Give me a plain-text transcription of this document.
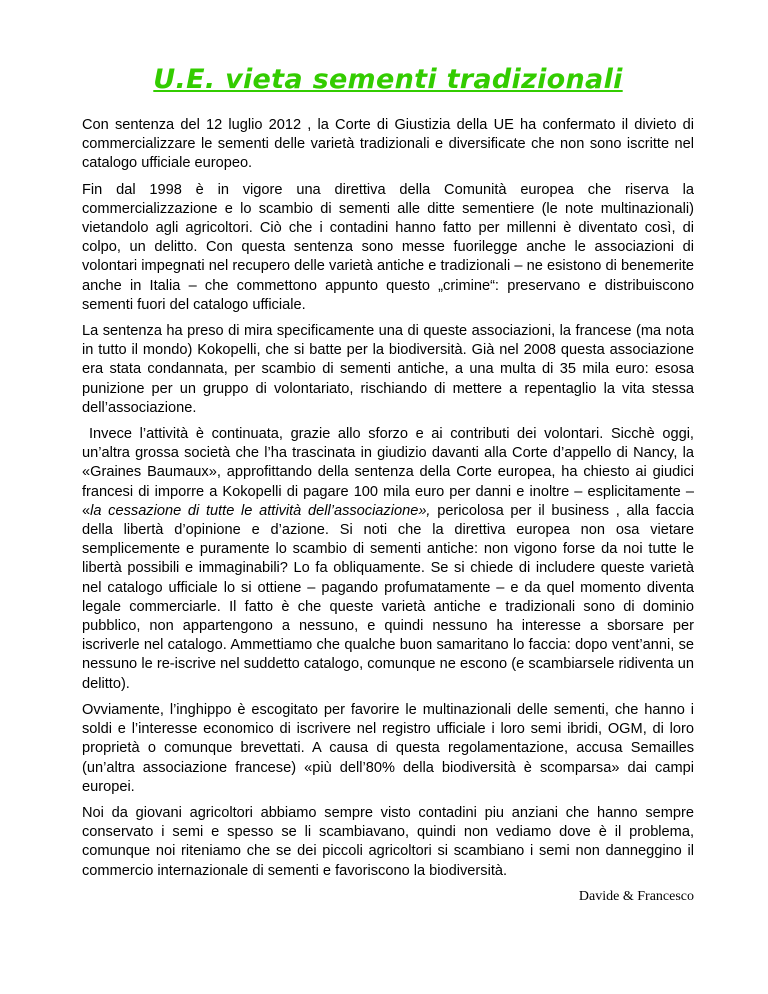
U.E. vieta sementi tradizionali

Con sentenza del 12 luglio 2012 , la Corte di Giustizia della UE ha confermato il divieto di commercializzare le sementi delle varietà tradizionali e diversificate che non sono iscritte nel catalogo ufficiale europeo.

Fin dal 1998 è in vigore una direttiva della Comunità europea che riserva la commercializzazione e lo scambio di sementi alle ditte sementiere (le note multinazionali) vietandolo agli agricoltori. Ciò che i contadini hanno fatto per millenni è diventato così, di colpo, un delitto. Con questa sentenza sono messe fuorilegge anche le associazioni di volontari impegnati nel recupero delle varietà antiche e tradizionali – ne esistono di benemerite anche in Italia – che commettono appunto questo „crimine“: preservano e distribuiscono sementi fuori del catalogo ufficiale.

La sentenza ha preso di mira specificamente una di queste associazioni, la francese (ma nota in tutto il mondo) Kokopelli, che si batte per la biodiversità. Già nel 2008 questa associazione era stata condannata, per scambio di sementi antiche, a una multa di 35 mila euro: esosa punizione per un gruppo di volontariato, rischiando di mettere a repentaglio la vita stessa dell’associazione.

Invece l’attività è continuata, grazie allo sforzo e ai contributi dei volontari. Sicchè oggi, un’altra grossa società che l’ha trascinata in giudizio davanti alla Corte d’appello di Nancy, la «Graines Baumaux», approfittando della sentenza della Corte europea, ha chiesto ai giudici francesi di imporre a Kokopelli di pagare 100 mila euro per danni e inoltre – esplicitamente – «la cessazione di tutte le attività dell’associazione», pericolosa per il business , alla faccia della libertà d’opinione e d’azione. Si noti che la direttiva europea non osa vietare semplicemente e puramente lo scambio di sementi antiche: non vigono forse da noi tutte le libertà possibili e immaginabili? Lo fa obliquamente. Se si chiede di includere queste varietà nel catalogo ufficiale lo si ottiene – pagando profumatamente – e da quel momento diventa legale commerciarle. Il fatto è che queste varietà antiche e tradizionali sono di dominio pubblico, non appartengono a nessuno, e quindi nessuno ha interesse a sborsare per iscriverle nel catalogo. Ammettiamo che qualche buon samaritano lo faccia: dopo vent’anni, se nessuno le re-iscrive nel suddetto catalogo, comunque ne escono (e scambiarsele ridiventa un delitto).

Ovviamente, l’inghippo è escogitato per favorire le multinazionali delle sementi, che hanno i soldi e l’interesse economico di iscrivere nel registro ufficiale i loro semi ibridi, OGM, di loro proprietà o comunque brevettati. A causa di questa regolamentazione, accusa Semailles (un’altra associazione francese) «più dell’80% della biodiversità è scomparsa» dai campi europei.

Noi da giovani agricoltori abbiamo sempre visto contadini piu anziani che hanno sempre conservato i semi e spesso se li scambiavano, quindi non vediamo dove è il problema, comunque noi riteniamo che se dei piccoli agricoltori si scambiano i semi non danneggino il commercio internazionale di sementi e favoriscono la biodiversità.

Davide & Francesco
